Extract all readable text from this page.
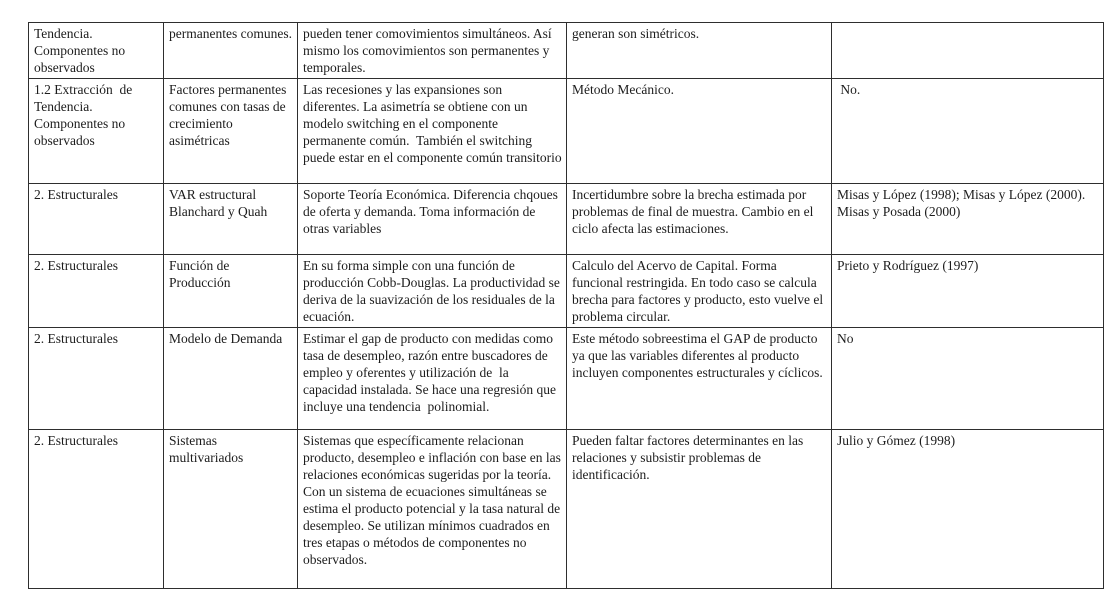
Tendencia. Componentes no observados	permanentes comunes.	pueden tener comovimientos simultáneos. Así mismo los comovimientos son permanentes y temporales.	generan son simétricos.	
1.2 Extracción  de Tendencia. Componentes no observados	Factores permanentes comunes con tasas de crecimiento asimétricas	Las recesiones y las expansiones son diferentes. La asimetría se obtiene con un modelo switching en el componente permanente común.  También el switching puede estar en el componente común transitorio	Método Mecánico.	No.
2. Estructurales	VAR estructural Blanchard y Quah	Soporte Teoría Económica. Diferencia chqoues de oferta y demanda. Toma información de otras variables	Incertidumbre sobre la brecha estimada por  problemas de final de muestra. Cambio en el ciclo afecta las estimaciones.	Misas y López (1998); Misas y López (2000). Misas y Posada (2000)
2. Estructurales	Función de Producción	En su forma simple con una función de producción Cobb-Douglas. La productividad se deriva de la suavización de los residuales de la ecuación.	Calculo del Acervo de Capital. Forma funcional restringida. En todo caso se calcula brecha para factores y producto, esto vuelve el problema circular.	Prieto y Rodríguez (1997)
2. Estructurales	Modelo de Demanda	Estimar el gap de producto con medidas como tasa de desempleo, razón entre buscadores de empleo y oferentes y utilización de  la capacidad instalada. Se hace una regresión que incluye una tendencia  polinomial.	Este método sobreestima el GAP de producto ya que las variables diferentes al producto incluyen componentes estructurales y cíclicos.	No
2. Estructurales	Sistemas multivariados	Sistemas que específicamente relacionan producto, desempleo e inflación con base en las relaciones económicas sugeridas por la teoría. Con un sistema de ecuaciones simultáneas se estima el producto potencial y la tasa natural de desempleo. Se utilizan mínimos cuadrados en tres etapas o métodos de componentes no observados.	Pueden faltar factores determinantes en las relaciones y subsistir problemas de identificación.	Julio y Gómez (1998)
